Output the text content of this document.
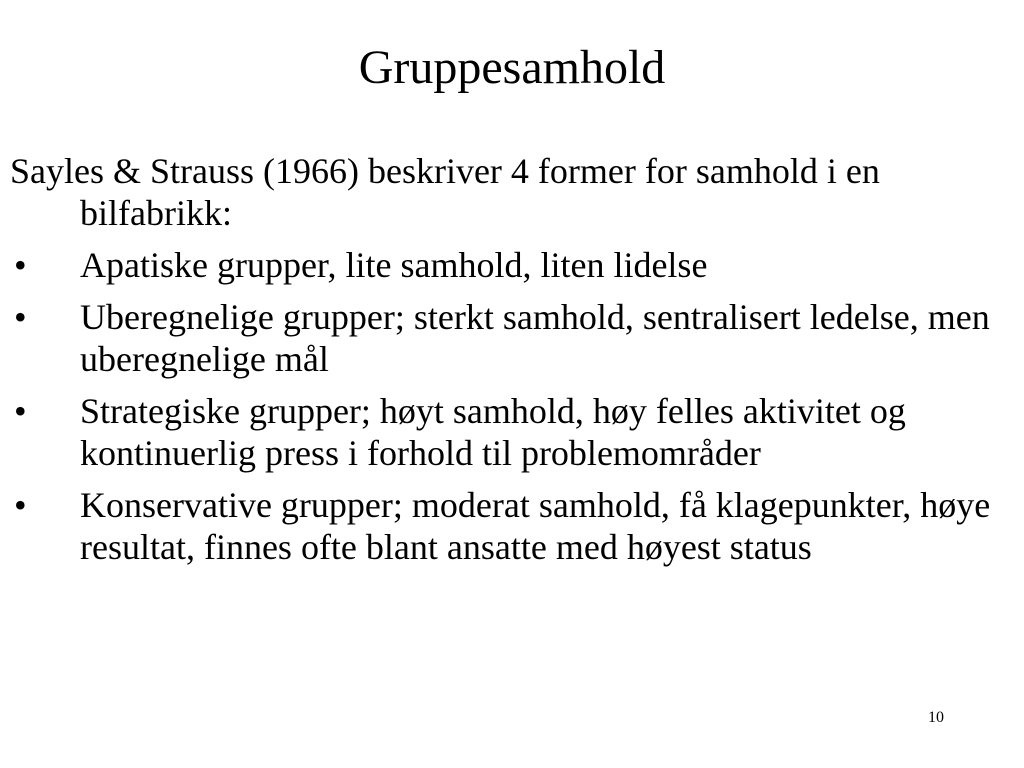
Gruppesamhold

Sayles & Strauss (1966) beskriver 4 former for samhold i en bilfabrikk:

• Apatiske grupper, lite samhold, liten lidelse
• Uberegnelige grupper; sterkt samhold, sentralisert ledelse, men uberegnelige mål
• Strategiske grupper; høyt samhold, høy felles aktivitet og kontinuerlig press i forhold til problemområder
• Konservative grupper; moderat samhold, få klagepunkter, høye resultat, finnes ofte blant ansatte med høyest status
10
